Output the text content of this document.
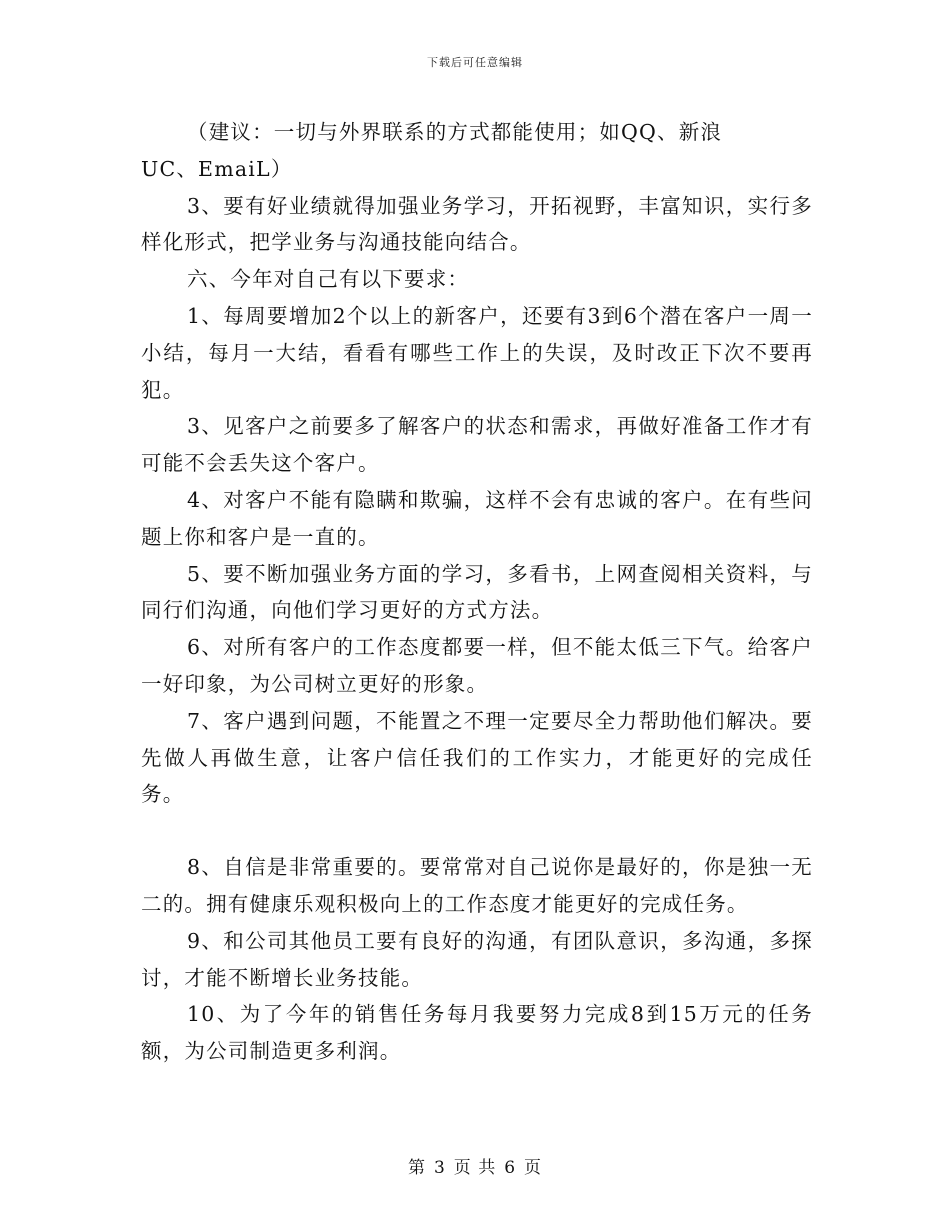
下载后可任意编辑

（建议：一切与外界联系的方式都能使用；如QQ、新浪
UC、EmaiL）

3、要有好业绩就得加强业务学习，开拓视野，丰富知识，实行多样化形式，把学业务与沟通技能向结合。

六、今年对自己有以下要求：

1、每周要增加2个以上的新客户，还要有3到6个潜在客户一周一小结，每月一大结，看看有哪些工作上的失误，及时改正下次不要再犯。

3、见客户之前要多了解客户的状态和需求，再做好准备工作才有可能不会丢失这个客户。

4、对客户不能有隐瞒和欺骗，这样不会有忠诚的客户。在有些问题上你和客户是一直的。

5、要不断加强业务方面的学习，多看书，上网查阅相关资料，与同行们沟通，向他们学习更好的方式方法。

6、对所有客户的工作态度都要一样，但不能太低三下气。给客户一好印象，为公司树立更好的形象。

7、客户遇到问题，不能置之不理一定要尽全力帮助他们解决。要先做人再做生意，让客户信任我们的工作实力，才能更好的完成任务。

8、自信是非常重要的。要常常对自己说你是最好的，你是独一无二的。拥有健康乐观积极向上的工作态度才能更好的完成任务。

9、和公司其他员工要有良好的沟通，有团队意识，多沟通，多探讨，才能不断增长业务技能。

10、为了今年的销售任务每月我要努力完成8到15万元的任务额，为公司制造更多利润。

第 3 页 共 6 页
